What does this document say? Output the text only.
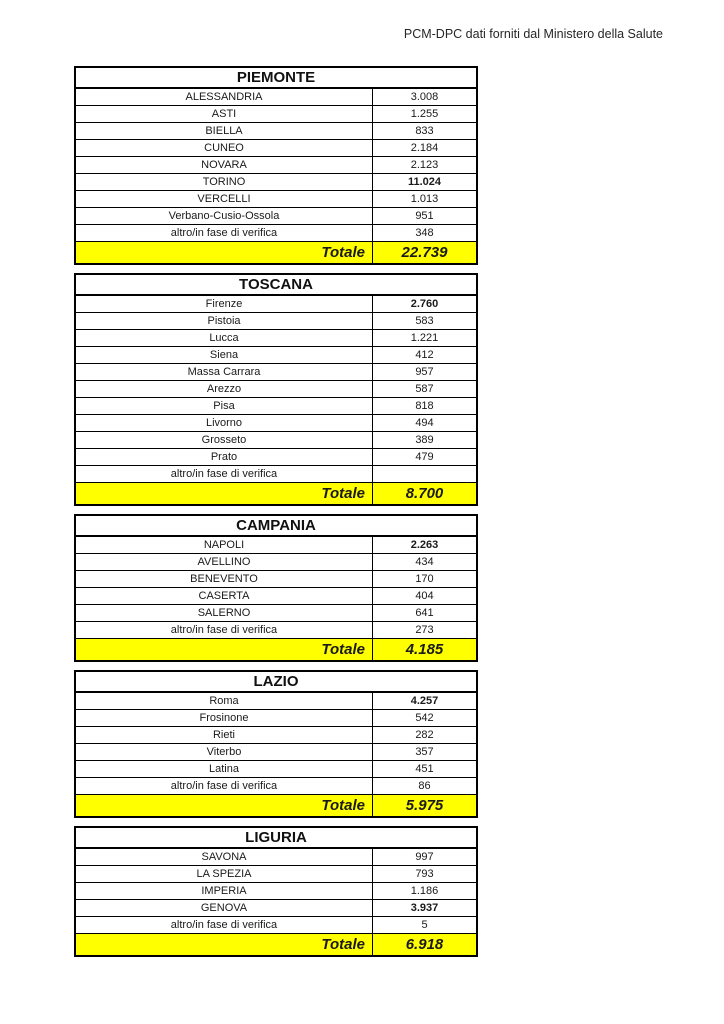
PCM-DPC dati forniti dal Ministero della Salute
PIEMONTE
ALESSANDRIA	3.008
ASTI	1.255
BIELLA	833
CUNEO	2.184
NOVARA	2.123
TORINO	11.024
VERCELLI	1.013
Verbano-Cusio-Ossola	951
altro/in fase di verifica	348
Totale	22.739
TOSCANA
Firenze	2.760
Pistoia	583
Lucca	1.221
Siena	412
Massa Carrara	957
Arezzo	587
Pisa	818
Livorno	494
Grosseto	389
Prato	479
altro/in fase di verifica
Totale	8.700
CAMPANIA
NAPOLI	2.263
AVELLINO	434
BENEVENTO	170
CASERTA	404
SALERNO	641
altro/in fase di verifica	273
Totale	4.185
LAZIO
Roma	4.257
Frosinone	542
Rieti	282
Viterbo	357
Latina	451
altro/in fase di verifica	86
Totale	5.975
LIGURIA
SAVONA	997
LA SPEZIA	793
IMPERIA	1.186
GENOVA	3.937
altro/in fase di verifica	5
Totale	6.918
